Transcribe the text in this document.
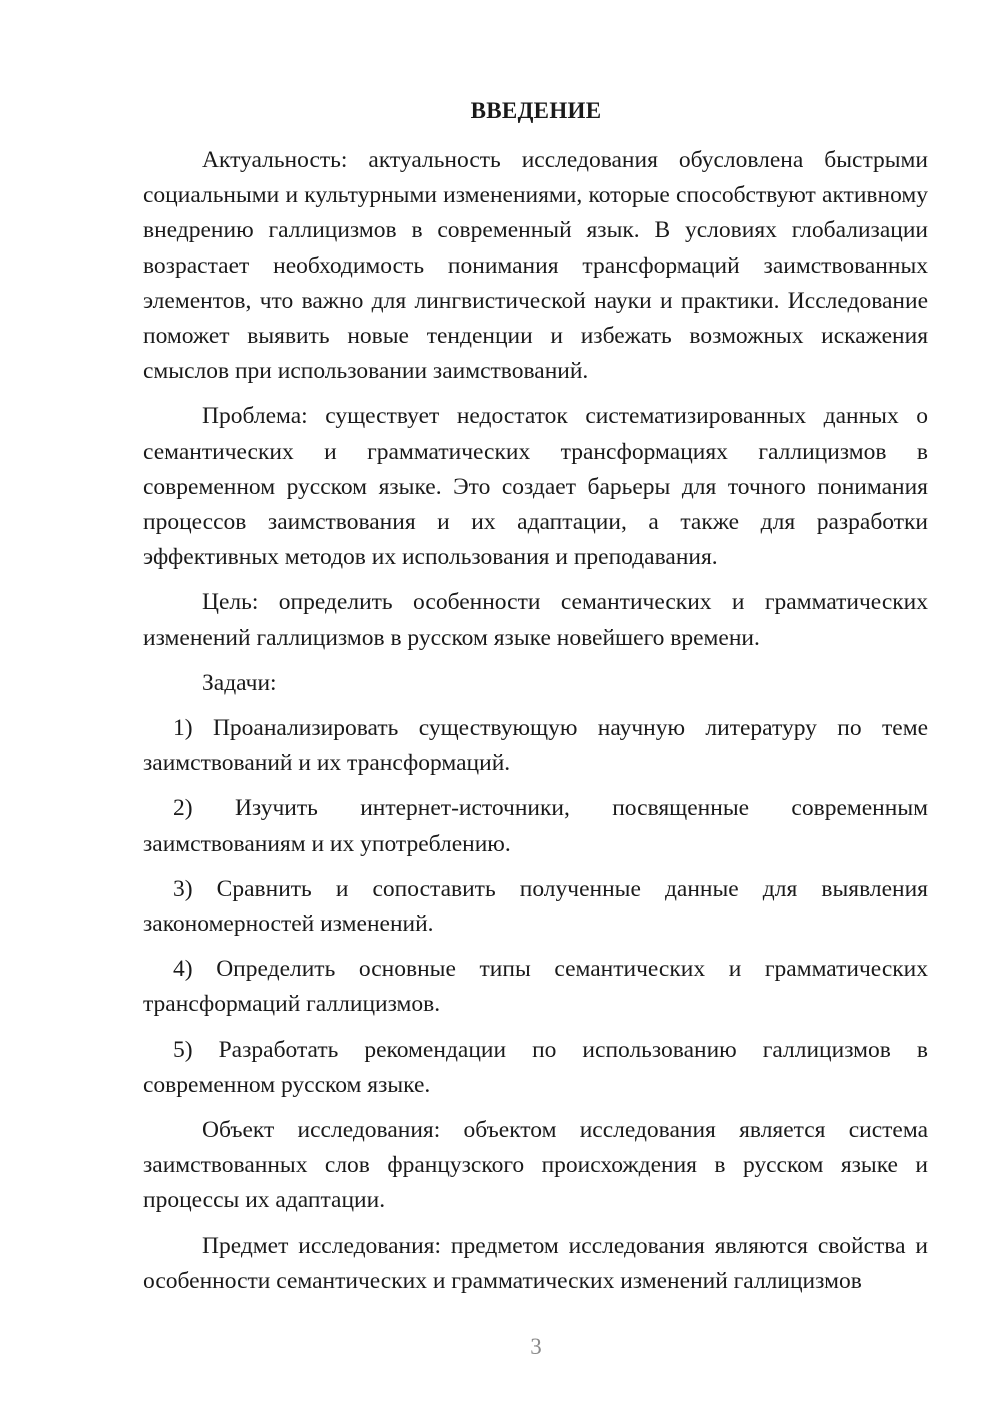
ВВЕДЕНИЕ

Актуальность: актуальность исследования обусловлена быстрыми социальными и культурными изменениями, которые способствуют активному внедрению галлицизмов в современный язык. В условиях глобализации возрастает необходимость понимания трансформаций заимствованных элементов, что важно для лингвистической науки и практики. Исследование поможет выявить новые тенденции и избежать возможных искажения смыслов при использовании заимствований.

Проблема: существует недостаток систематизированных данных о семантических и грамматических трансформациях галлицизмов в современном русском языке. Это создает барьеры для точного понимания процессов заимствования и их адаптации, а также для разработки эффективных методов их использования и преподавания.

Цель: определить особенности семантических и грамматических изменений галлицизмов в русском языке новейшего времени.

Задачи:

1) Проанализировать существующую научную литературу по теме заимствований и их трансформаций.

2) Изучить интернет-источники, посвященные современным заимствованиям и их употреблению.

3) Сравнить и сопоставить полученные данные для выявления закономерностей изменений.

4) Определить основные типы семантических и грамматических трансформаций галлицизмов.

5) Разработать рекомендации по использованию галлицизмов в современном русском языке.

Объект исследования: объектом исследования является система заимствованных слов французского происхождения в русском языке и процессы их адаптации.

Предмет исследования: предметом исследования являются свойства и особенности семантических и грамматических изменений галлицизмов

3
